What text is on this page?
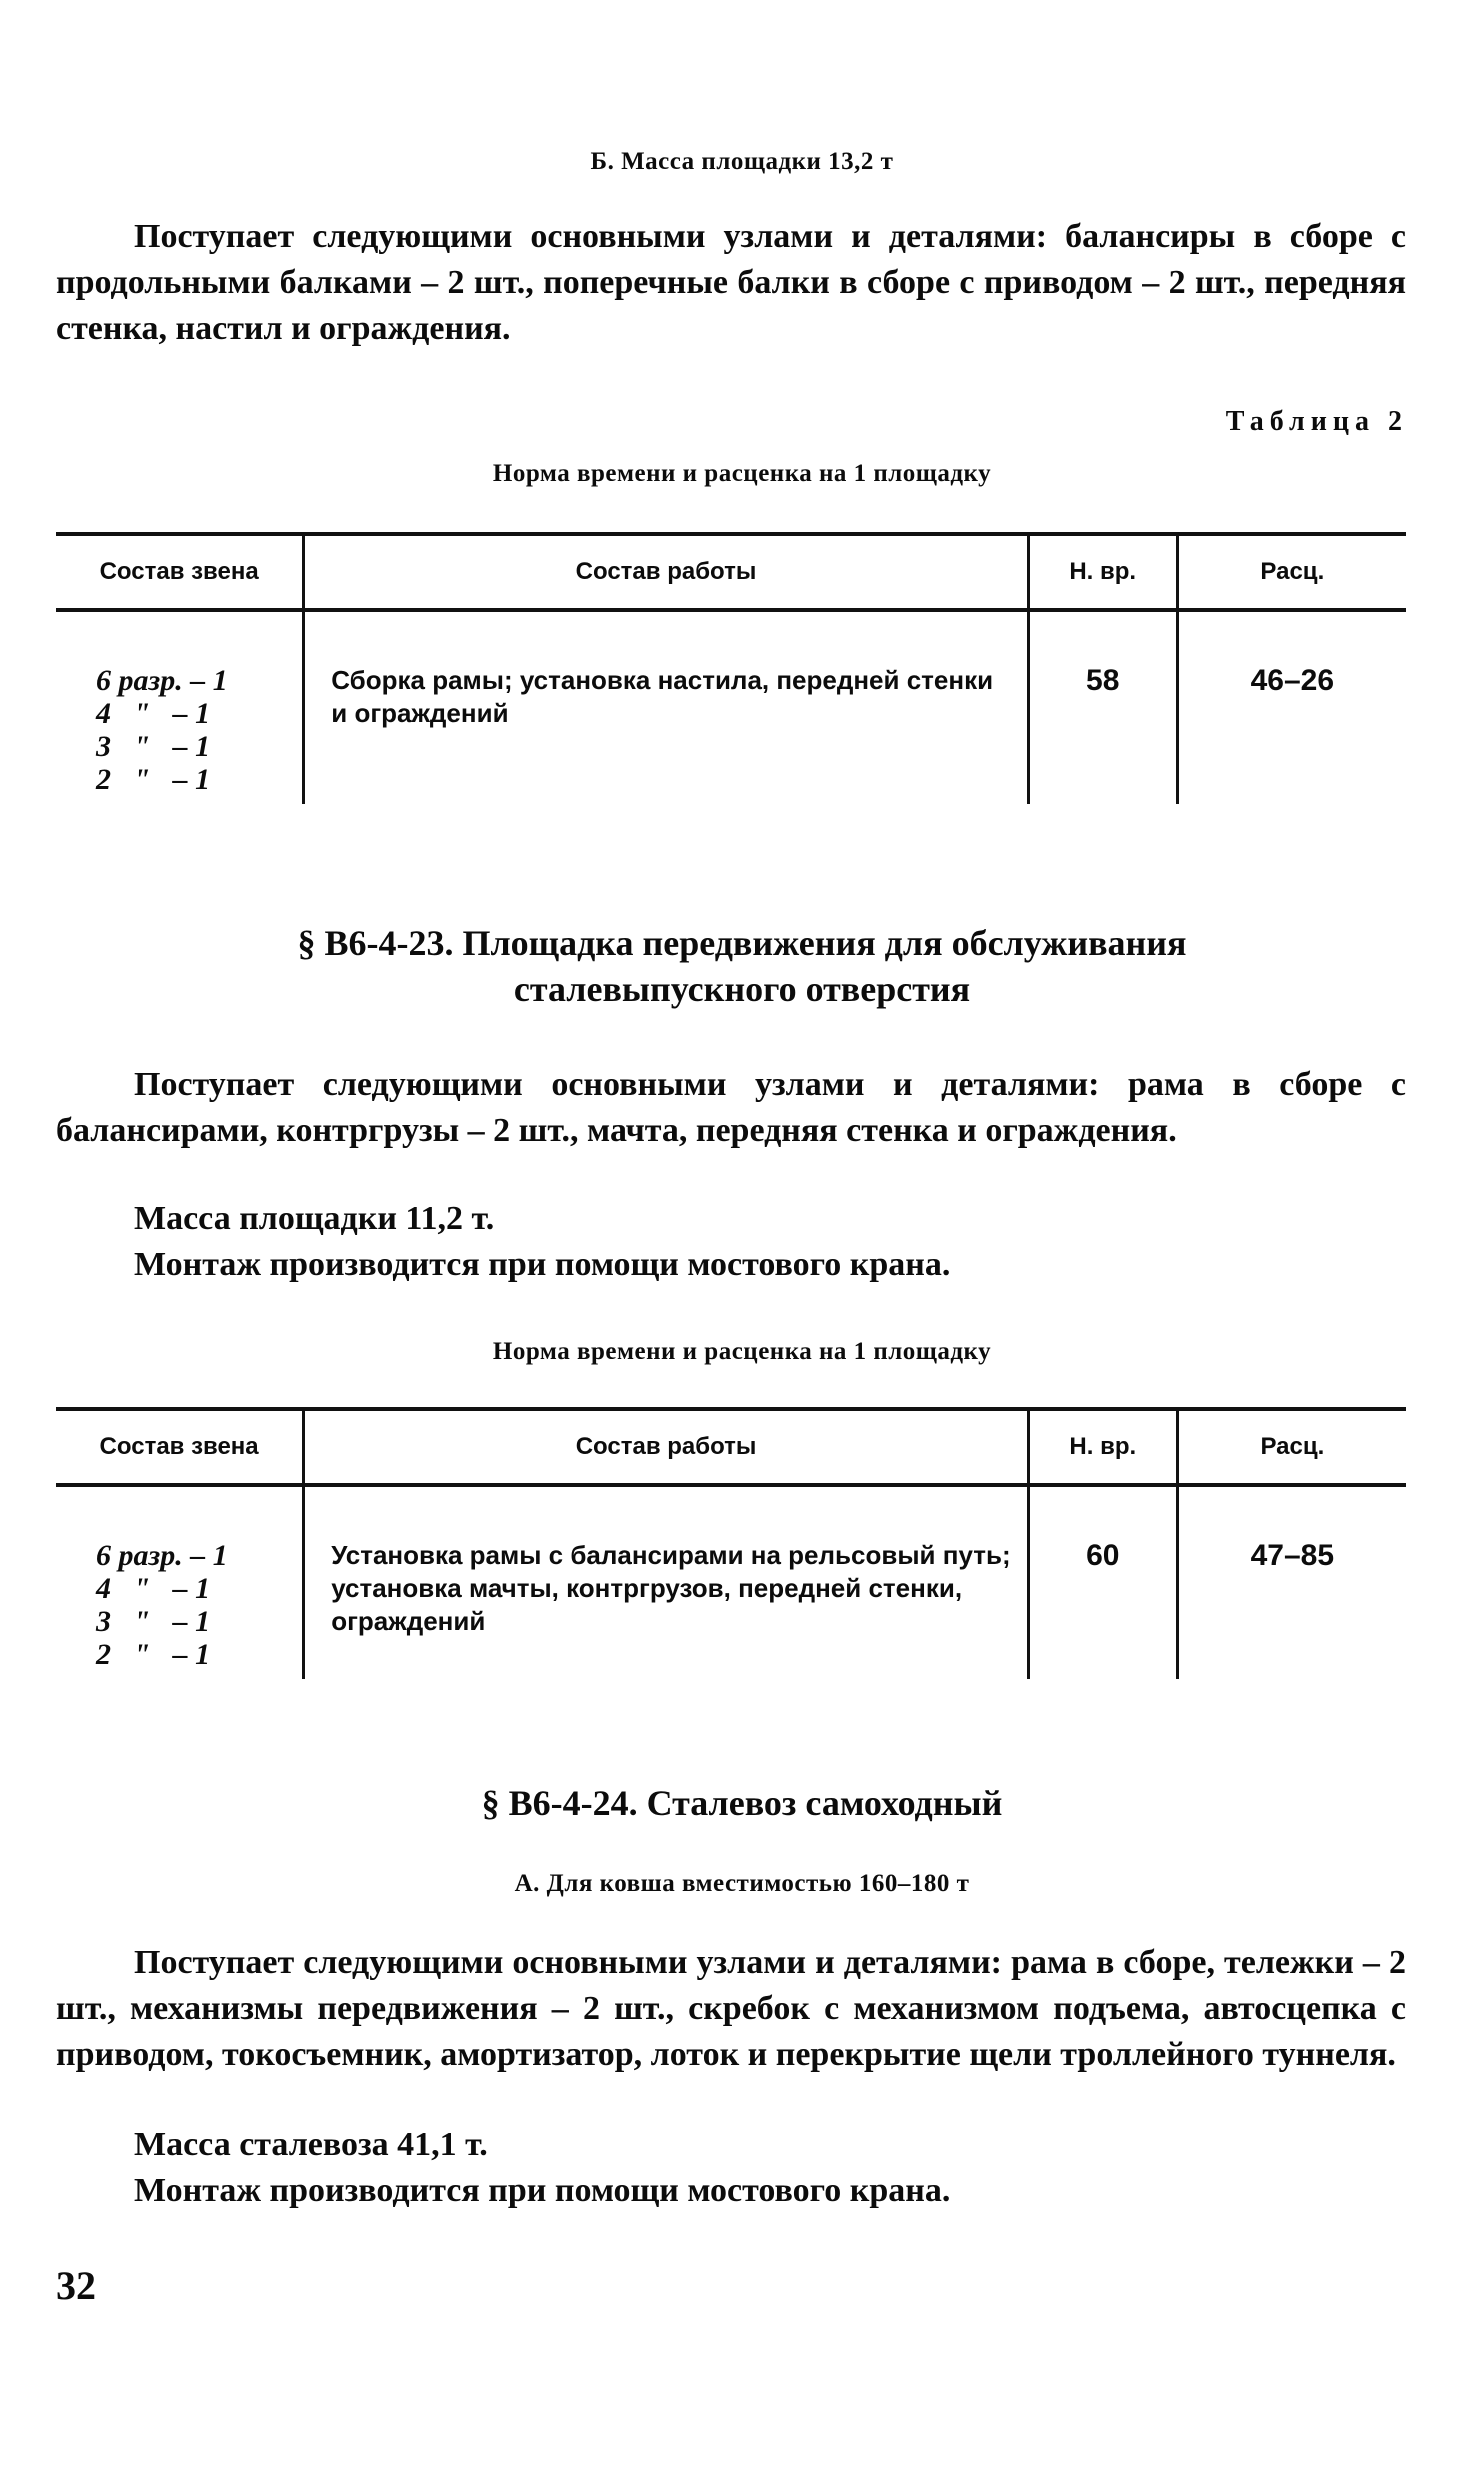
Б. Масса площадки 13,2 т

Поступает следующими основными узлами и деталями: балансиры в сборе с продольными балками – 2 шт., поперечные балки в сборе с приводом – 2 шт., передняя стенка, настил и ограждения.

Таблица 2
Норма времени и расценка на 1 площадку
Состав звена	Состав работы	Н. вр.	Расц.

6 разр. – 1
4   "   – 1
3   "   – 1
2   "   – 1	Сборка рамы; установка настила, передней стенки и ограждений	58	46–26
§ В6-4-23. Площадка передвижения для обслуживания
сталевыпускного отверстия

Поступает следующими основными узлами и деталями: рама в сборе с балансирами, контргрузы – 2 шт., мачта, передняя стенка и ограждения.

Масса площадки 11,2 т.
Монтаж производится при помощи мостового крана.
Норма времени и расценка на 1 площадку
Состав звена	Состав работы	Н. вр.	Расц.

6 разр. – 1
4   "   – 1
3   "   – 1
2   "   – 1	Установка рамы с балансирами на рельсовый путь; установка мачты, контргрузов, передней стенки, ограждений	60	47–85
§ В6-4-24. Сталевоз самоходный
А. Для ковша вместимостью 160–180 т

Поступает следующими основными узлами и деталями: рама в сборе, тележки – 2 шт., механизмы передвижения – 2 шт., скребок с механизмом подъема, автосцепка с приводом, токосъемник, амортизатор, лоток и перекрытие щели троллейного туннеля.

Масса сталевоза 41,1 т.
Монтаж производится при помощи мостового крана.
32
